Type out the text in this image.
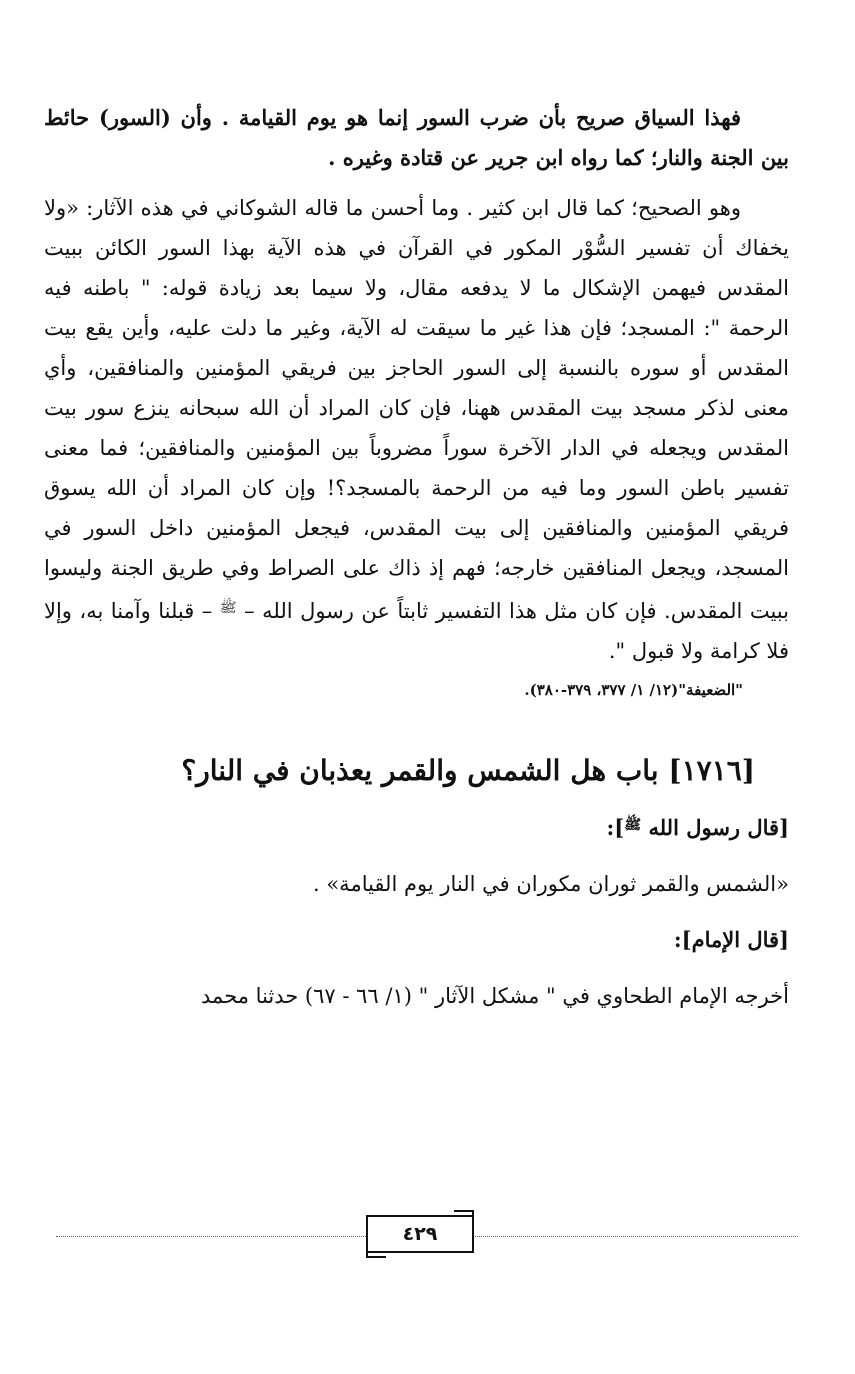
فهذا السياق صريح بأن ضرب السور إنما هو يوم القيامة . وأن (السور) حائط بين الجنة والنار؛ كما رواه ابن جرير عن قتادة وغيره .

وهو الصحيح؛ كما قال ابن كثير . وما أحسن ما قاله الشوكاني في هذه الآثار: «ولا يخفاك أن تفسير السُّوْر المكور في القرآن في هذه الآية بهذا السور الكائن ببيت المقدس فيهمن الإشكال ما لا يدفعه مقال، ولا سيما بعد زيادة قوله: " باطنه فيه الرحمة ": المسجد؛ فإن هذا غير ما سيقت له الآية، وغير ما دلت عليه، وأين يقع بيت المقدس أو سوره بالنسبة إلى السور الحاجز بين فريقي المؤمنين والمنافقين، وأي معنى لذكر مسجد بيت المقدس ههنا، فإن كان المراد أن الله سبحانه ينزع سور بيت المقدس ويجعله في الدار الآخرة سوراً مضروباً بين المؤمنين والمنافقين؛ فما معنى تفسير باطن السور وما فيه من الرحمة بالمسجد؟! وإن كان المراد أن الله يسوق فريقي المؤمنين والمنافقين إلى بيت المقدس، فيجعل المؤمنين داخل السور في المسجد، ويجعل المنافقين خارجه؛ فهم إذ ذاك على الصراط وفي طريق الجنة وليسوا ببيت المقدس. فإن كان مثل هذا التفسير ثابتاً عن رسول الله – $^ﷺ$ – قبلنا وآمنا به، وإلا فلا كرامة ولا قبول ".

"الضعيفة"(١٢/ ١/ ٣٧٧، ٣٧٩-٣٨٠).

[١٧١٦] باب هل الشمس والقمر يعذبان في النار؟

[قال رسول الله $^ﷺ$]:

«الشمس والقمر ثوران مكوران في النار يوم القيامة» .

[قال الإمام]:

أخرجه الإمام الطحاوي في " مشكل الآثار " (١/ ٦٦ - ٦٧) حدثنا محمد

٤٢٩
